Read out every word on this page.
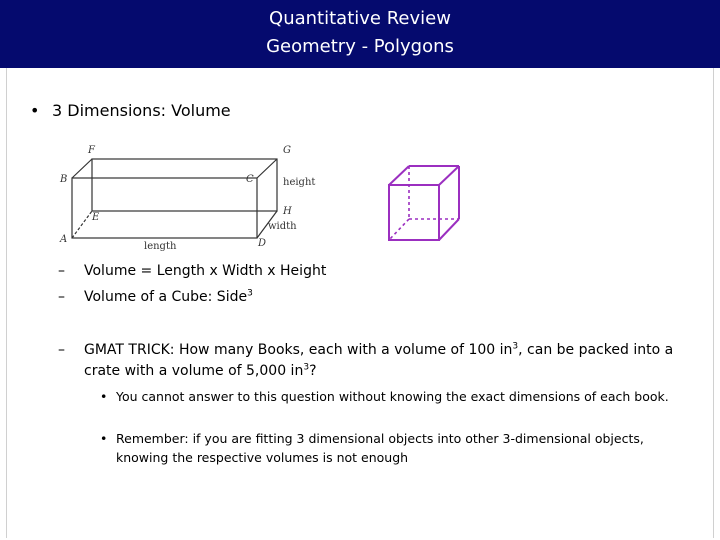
Quantitative Review
Geometry - Polygons
• 3 Dimensions: Volume
F	G
B	C	height
E
H
width
A	D
length
– Volume = Length x Width x Height
– Volume of a Cube: Side$^3$
– GMAT TRICK: How many Books, each with a volume of 100 $in^3$, can be packed into a crate with a volume of 5,000 $in^3$?
• You cannot answer to this question without knowing the exact dimensions of each book.
• Remember: if you are fitting 3 dimensional objects into other 3-dimensional objects, knowing the respective volumes is not enough
